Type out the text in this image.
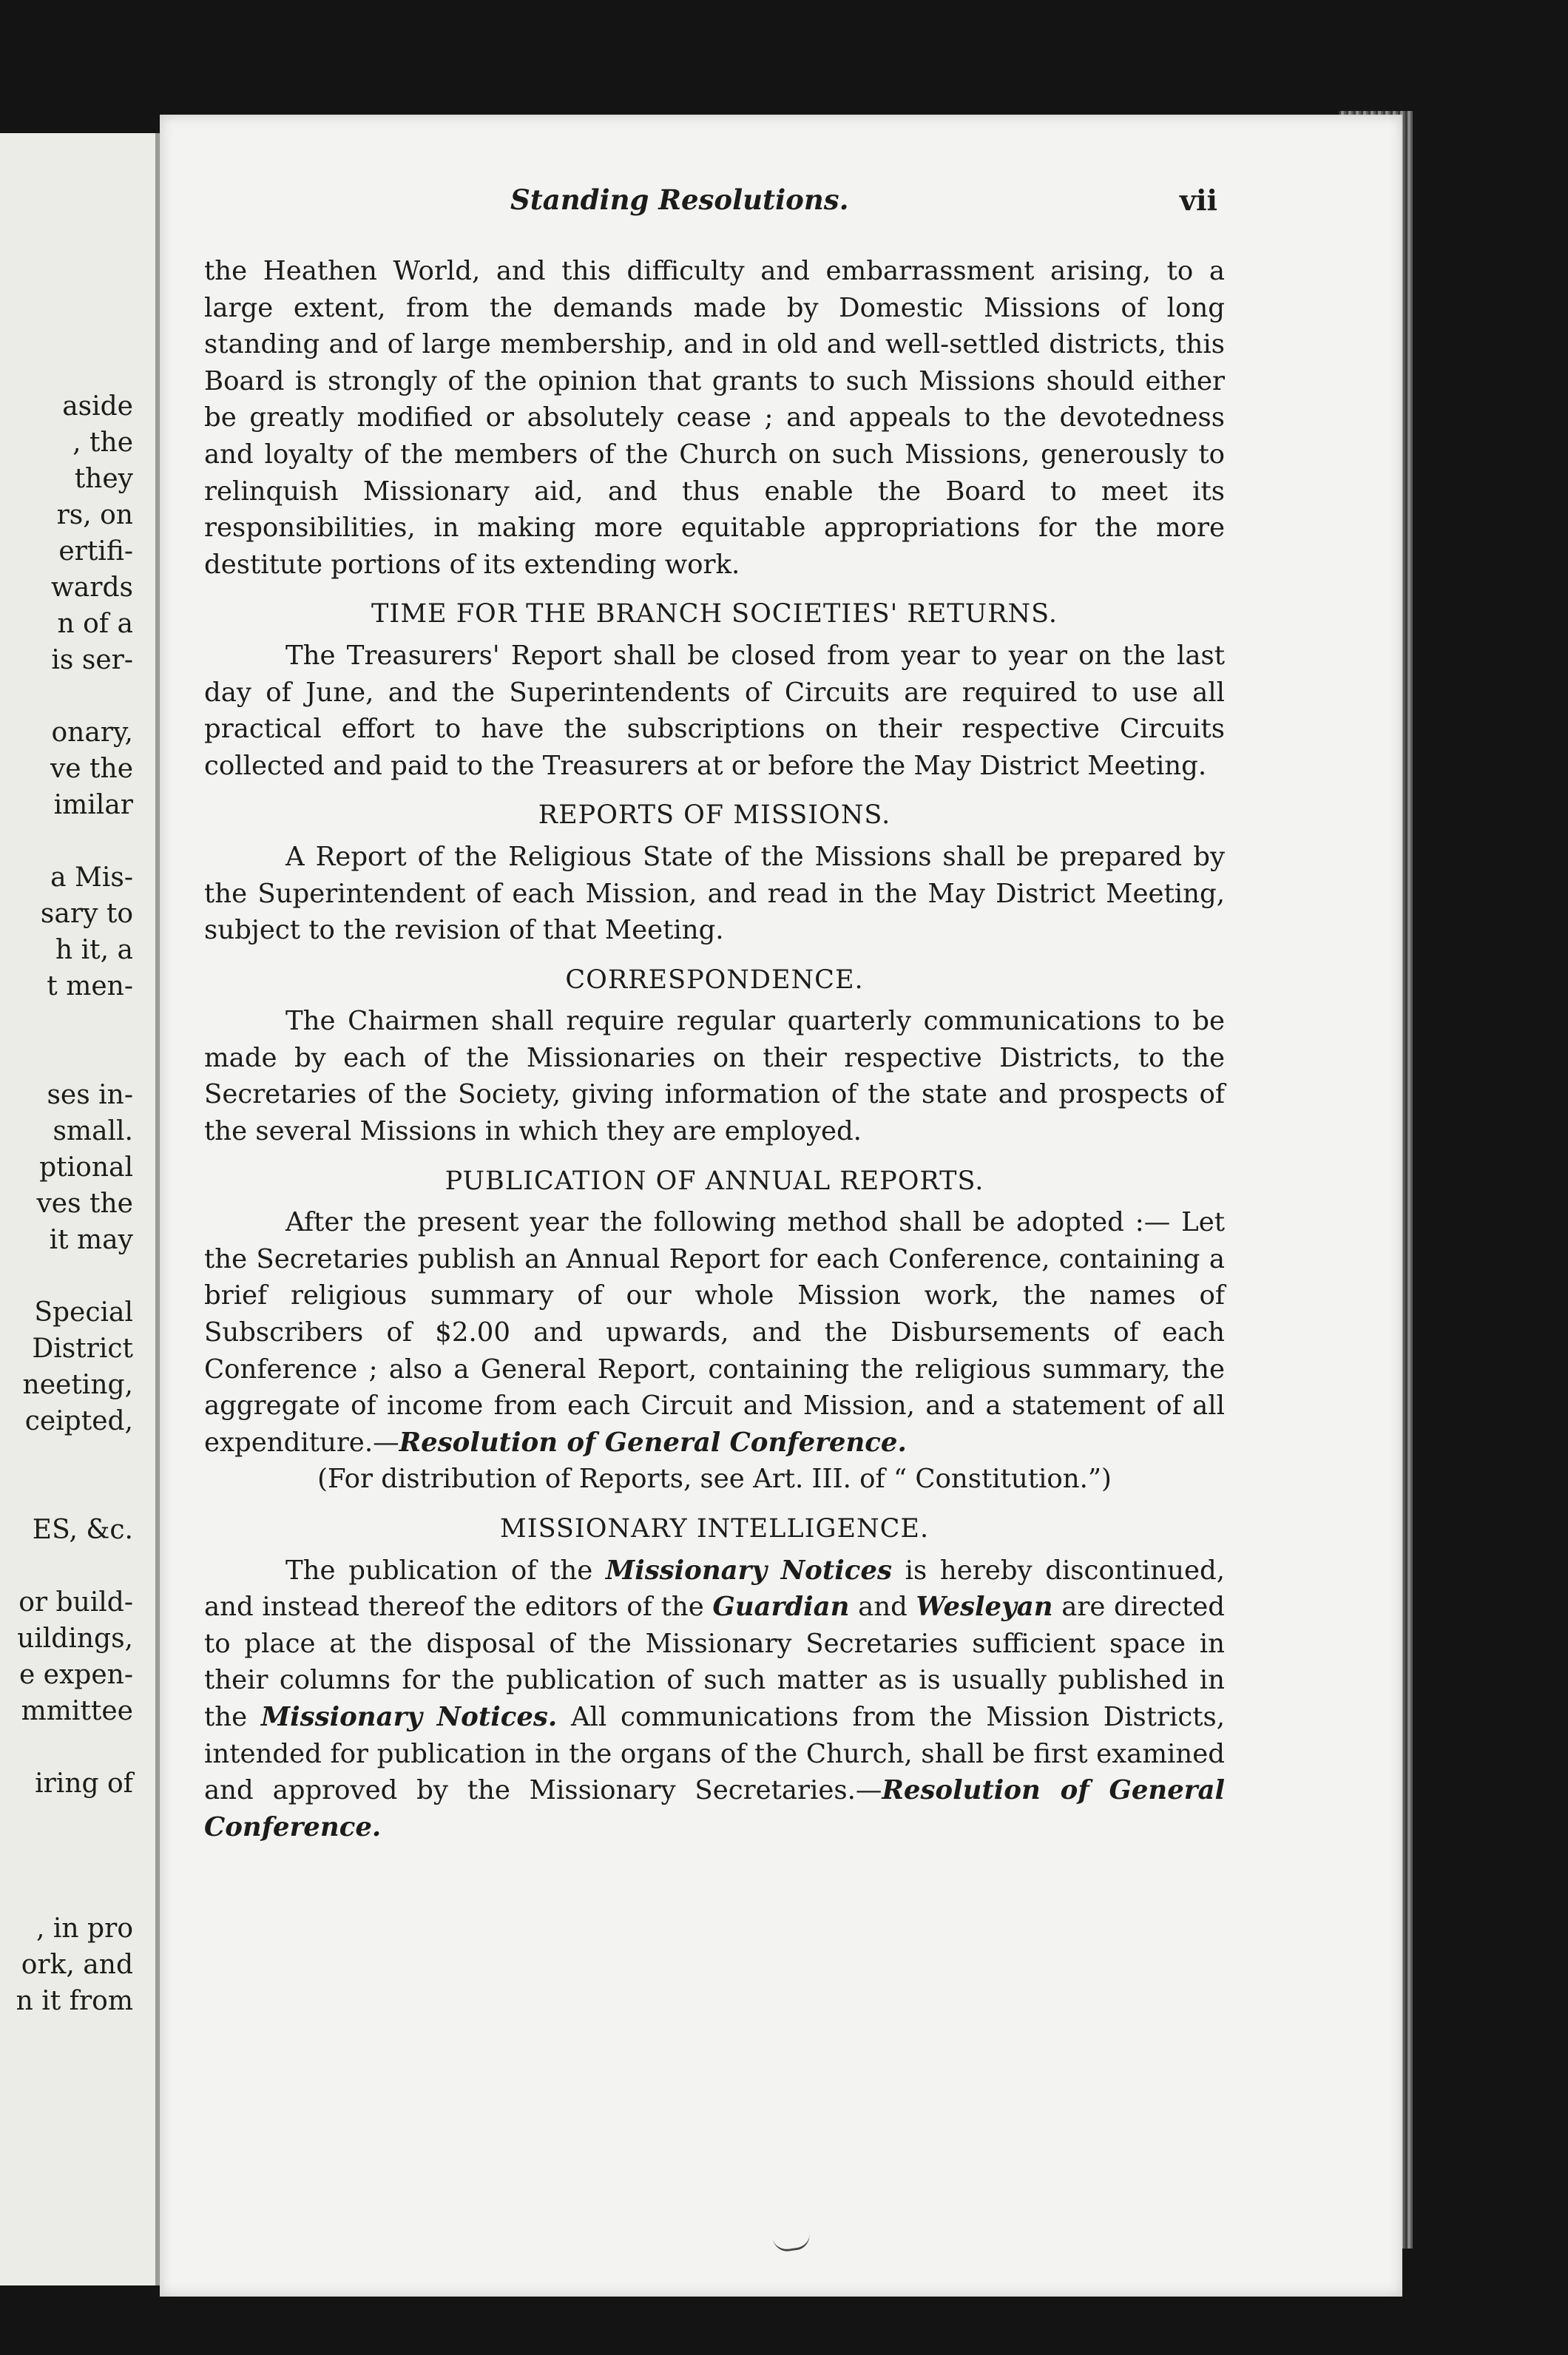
aside
, the
they
rs, on
ertifi-
wards
n of a
is ser-

onary,
ve the
imilar

a Mis-
sary to
h it, a
t men-

ses in-
small.
ptional
ves the
it may

Special
District
neeting,
ceipted,

ES, &c.

or build-
uildings,
e expen-
mmittee

iring of

, in pro
ork, and
n it from
Standing Resolutions.	vii

the Heathen World, and this difficulty and embarrassment arising, to a large extent, from the demands made by Domestic Missions of long standing and of large membership, and in old and well-settled districts, this Board is strongly of the opinion that grants to such Missions should either be greatly modified or absolutely cease ; and appeals to the devotedness and loyalty of the members of the Church on such Missions, generously to relinquish Missionary aid, and thus enable the Board to meet its responsibilities, in making more equitable appropriations for the more destitute portions of its extending work.

TIME FOR THE BRANCH SOCIETIES' RETURNS.

The Treasurers' Report shall be closed from year to year on the last day of June, and the Superintendents of Circuits are required to use all practical effort to have the subscriptions on their respective Circuits collected and paid to the Treasurers at or before the May District Meeting.

REPORTS OF MISSIONS.

A Report of the Religious State of the Missions shall be prepared by the Superintendent of each Mission, and read in the May District Meeting, subject to the revision of that Meeting.

CORRESPONDENCE.

The Chairmen shall require regular quarterly communications to be made by each of the Missionaries on their respective Districts, to the Secretaries of the Society, giving information of the state and prospects of the several Missions in which they are employed.

PUBLICATION OF ANNUAL REPORTS.

After the present year the following method shall be adopted :— Let the Secretaries publish an Annual Report for each Conference, containing a brief religious summary of our whole Mission work, the names of Subscribers of $2.00 and upwards, and the Disbursements of each Conference ; also a General Report, containing the religious summary, the aggregate of income from each Circuit and Mission, and a statement of all expenditure.—Resolution of General Conference.

(For distribution of Reports, see Art. III. of “ Constitution.”)

MISSIONARY INTELLIGENCE.

The publication of the Missionary Notices is hereby discontinued, and instead thereof the editors of the Guardian and Wesleyan are directed to place at the disposal of the Missionary Secretaries sufficient space in their columns for the publication of such matter as is usually published in the Missionary Notices. All communications from the Mission Districts, intended for publication in the organs of the Church, shall be first examined and approved by the Missionary Secretaries.—Resolution of General Conference.
